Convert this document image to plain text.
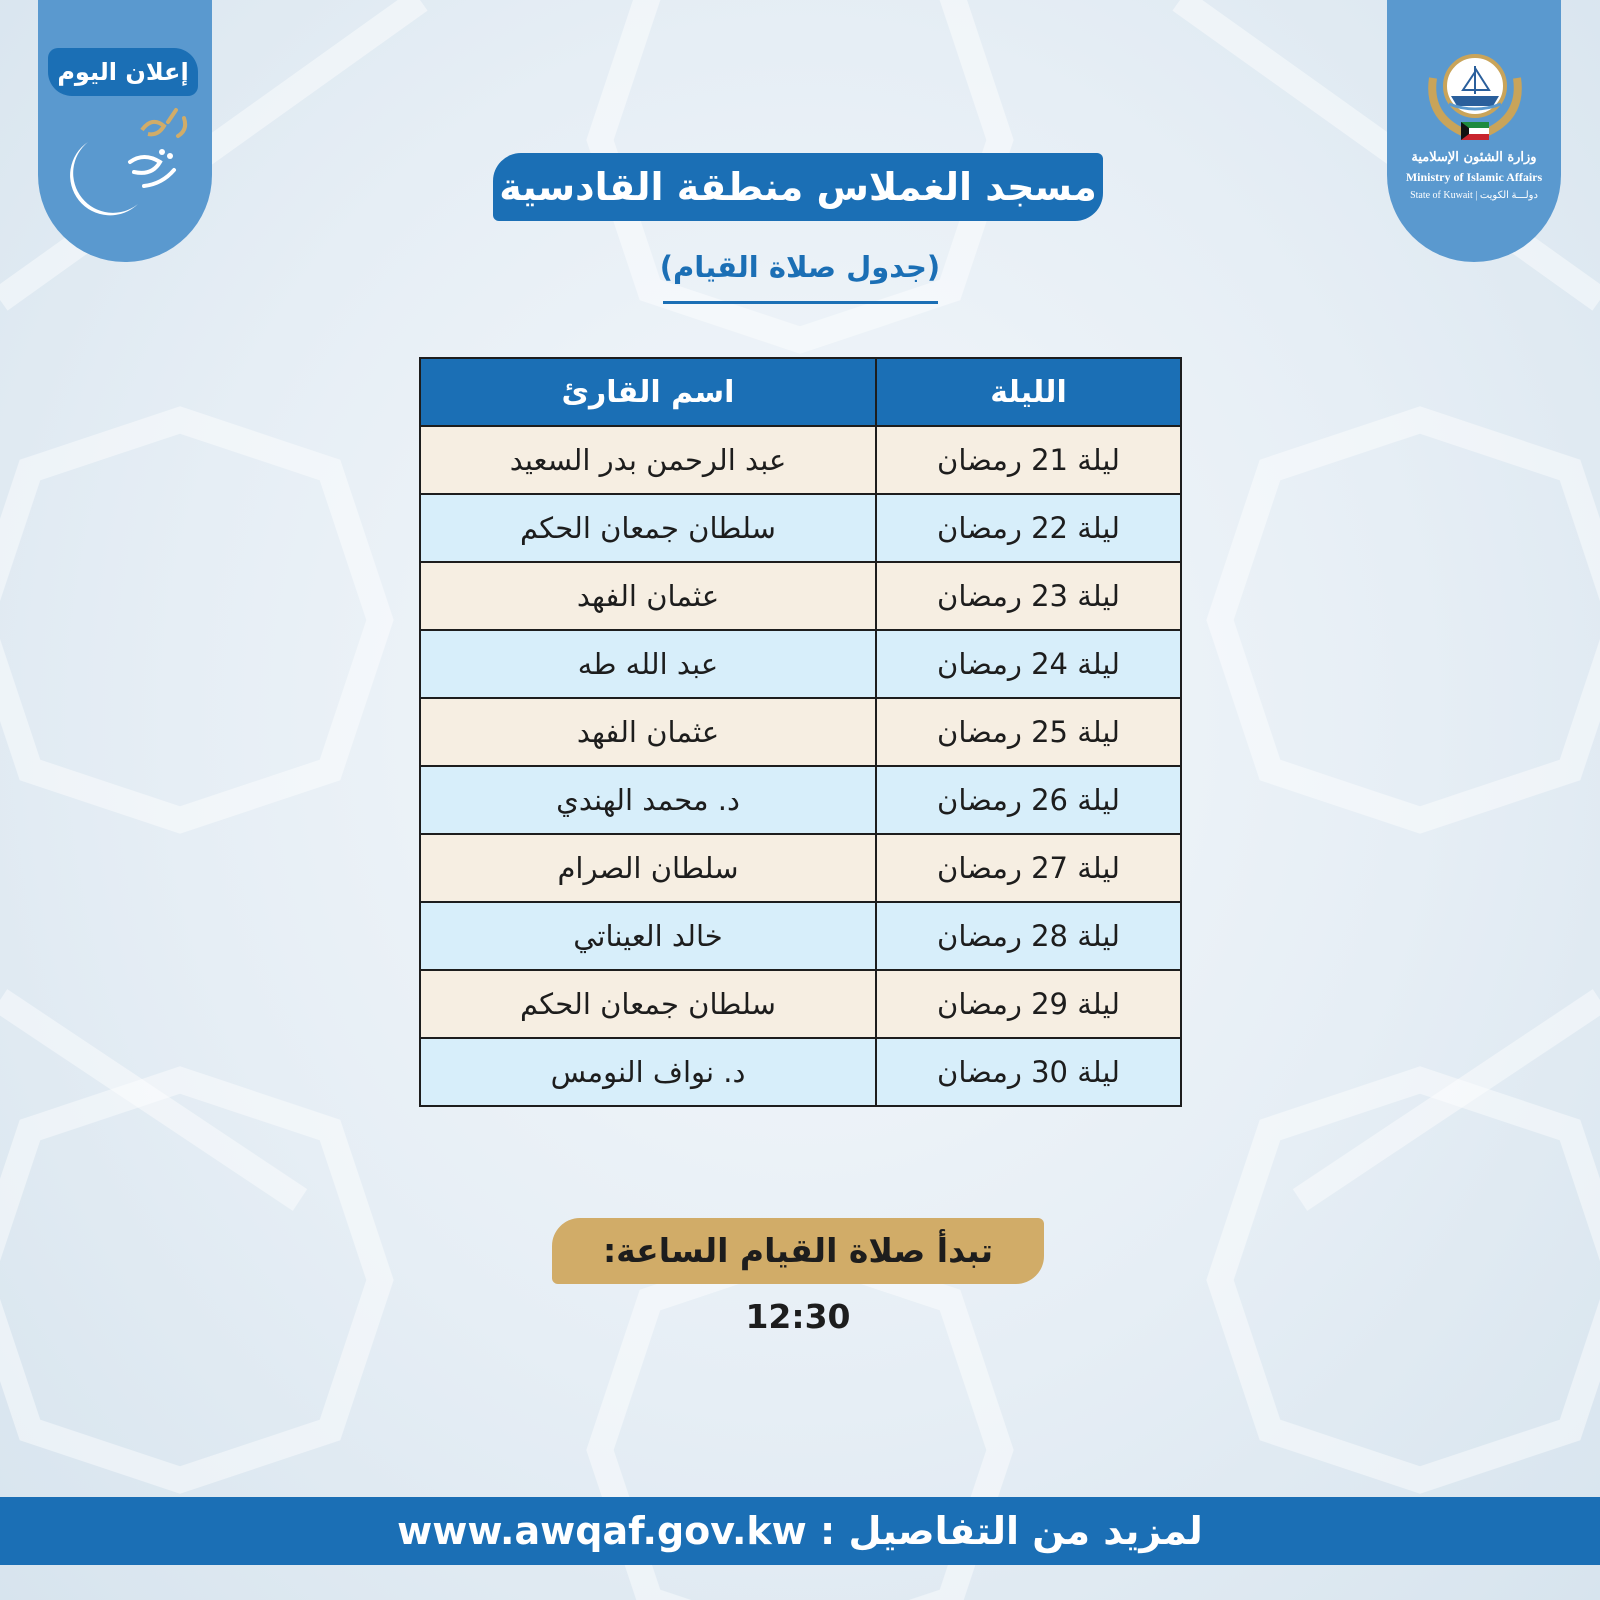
إعلان اليوم
وزارة الشئون الإسلامية
Ministry of Islamic Affairs
State of Kuwait | دولـــة الكويت
مسجد الغملاس منطقة القادسية
(جدول صلاة القيام)
الليلة	اسم القارئ
ليلة 21 رمضان	عبد الرحمن بدر السعيد
ليلة 22 رمضان	سلطان جمعان الحكم
ليلة 23 رمضان	عثمان الفهد
ليلة 24 رمضان	عبد الله طه
ليلة 25 رمضان	عثمان الفهد
ليلة 26 رمضان	د. محمد الهندي
ليلة 27 رمضان	سلطان الصرام
ليلة 28 رمضان	خالد العيناتي
ليلة 29 رمضان	سلطان جمعان الحكم
ليلة 30 رمضان	د. نواف النومس
تبدأ صلاة القيام الساعة: 12:30
لمزيد من التفاصيل : www.awqaf.gov.kw
